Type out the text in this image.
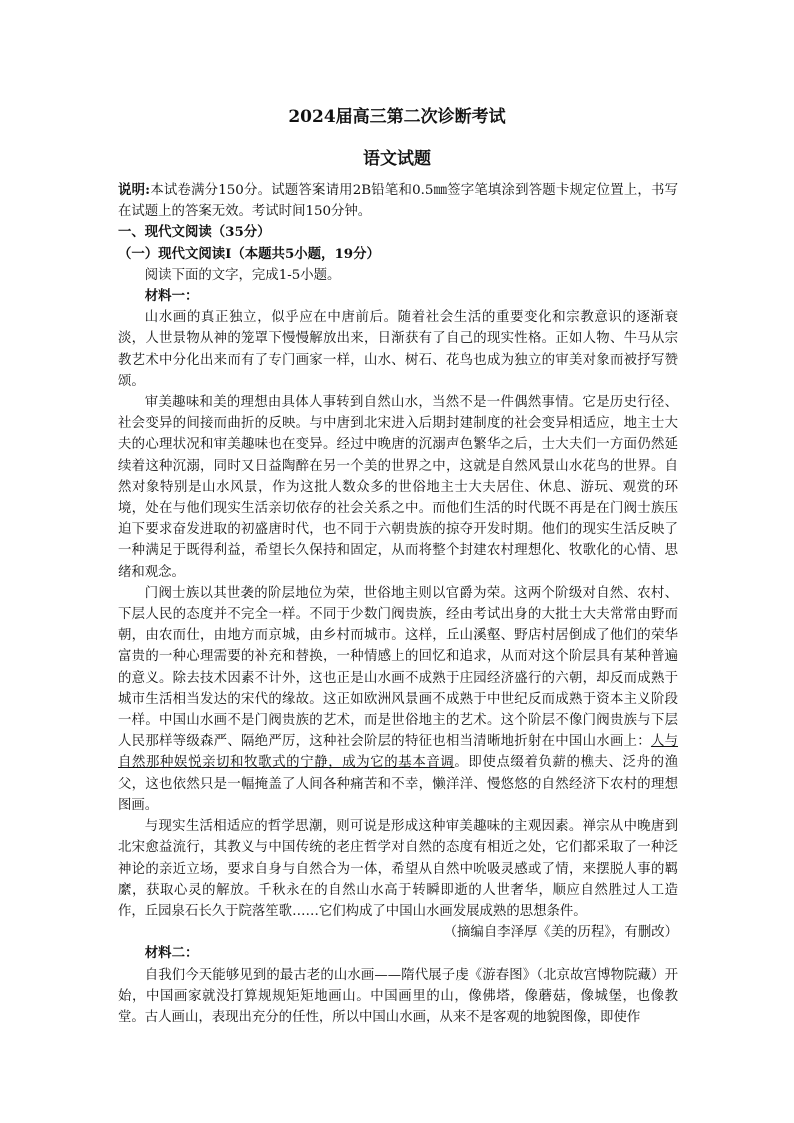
2024届高三第二次诊断考试
语文试题

说明:本试卷满分150分。试题答案请用2B铅笔和0.5㎜签字笔填涂到答题卡规定位置上，书写在试题上的答案无效。考试时间150分钟。

一、现代文阅读（35分）

（一）现代文阅读I（本题共5小题，19分）

阅读下面的文字，完成1-5小题。

材料一：

山水画的真正独立，似乎应在中唐前后。随着社会生活的重要变化和宗教意识的逐渐衰淡，人世景物从神的笼罩下慢慢解放出来，日渐获有了自己的现实性格。正如人物、牛马从宗教艺术中分化出来而有了专门画家一样，山水、树石、花鸟也成为独立的审美对象而被抒写赞颂。

审美趣味和美的理想由具体人事转到自然山水，当然不是一件偶然事情。它是历史行径、社会变异的间接而曲折的反映。与中唐到北宋进入后期封建制度的社会变异相适应，地主士大夫的心理状况和审美趣味也在变异。经过中晚唐的沉溺声色繁华之后，士大夫们一方面仍然延续着这种沉溺，同时又日益陶醉在另一个美的世界之中，这就是自然风景山水花鸟的世界。自然对象特别是山水风景，作为这批人数众多的世俗地主士大夫居住、休息、游玩、观赏的环境，处在与他们现实生活亲切依存的社会关系之中。而他们生活的时代既不再是在门阀士族压迫下要求奋发进取的初盛唐时代，也不同于六朝贵族的掠夺开发时期。他们的现实生活反映了一种满足于既得利益，希望长久保持和固定，从而将整个封建农村理想化、牧歌化的心情、思绪和观念。

门阀士族以其世袭的阶层地位为荣，世俗地主则以官爵为荣。这两个阶级对自然、农村、下层人民的态度并不完全一样。不同于少数门阀贵族，经由考试出身的大批士大夫常常由野而朝，由农而仕，由地方而京城，由乡村而城市。这样，丘山溪壑、野店村居倒成了他们的荣华富贵的一种心理需要的补充和替换，一种情感上的回忆和追求，从而对这个阶层具有某种普遍的意义。除去技术因素不计外，这也正是山水画不成熟于庄园经济盛行的六朝，却反而成熟于城市生活相当发达的宋代的缘故。这正如欧洲风景画不成熟于中世纪反而成熟于资本主义阶段一样。中国山水画不是门阀贵族的艺术，而是世俗地主的艺术。这个阶层不像门阀贵族与下层人民那样等级森严、隔绝严厉，这种社会阶层的特征也相当清晰地折射在中国山水画上：人与自然那种娱悦亲切和牧歌式的宁静，成为它的基本音调。即使点缀着负薪的樵夫、泛舟的渔父，这也依然只是一幅掩盖了人间各种痛苦和不幸，懒洋洋、慢悠悠的自然经济下农村的理想图画。

与现实生活相适应的哲学思潮，则可说是形成这种审美趣味的主观因素。禅宗从中晚唐到北宋愈益流行，其教义与中国传统的老庄哲学对自然的态度有相近之处，它们都采取了一种泛神论的亲近立场，要求自身与自然合为一体，希望从自然中吮吸灵感或了情，来摆脱人事的羁縻，获取心灵的解放。千秋永在的自然山水高于转瞬即逝的人世奢华，顺应自然胜过人工造作，丘园泉石长久于院落笙歌……它们构成了中国山水画发展成熟的思想条件。

（摘编自李泽厚《美的历程》，有删改）

材料二：

自我们今天能够见到的最古老的山水画——隋代展子虔《游春图》（北京故宫博物院藏）开始，中国画家就没打算规规矩矩地画山。中国画里的山，像佛塔，像蘑菇，像城堡，也像教堂。古人画山，表现出充分的任性，所以中国山水画，从来不是客观的地貌图像，即使作
